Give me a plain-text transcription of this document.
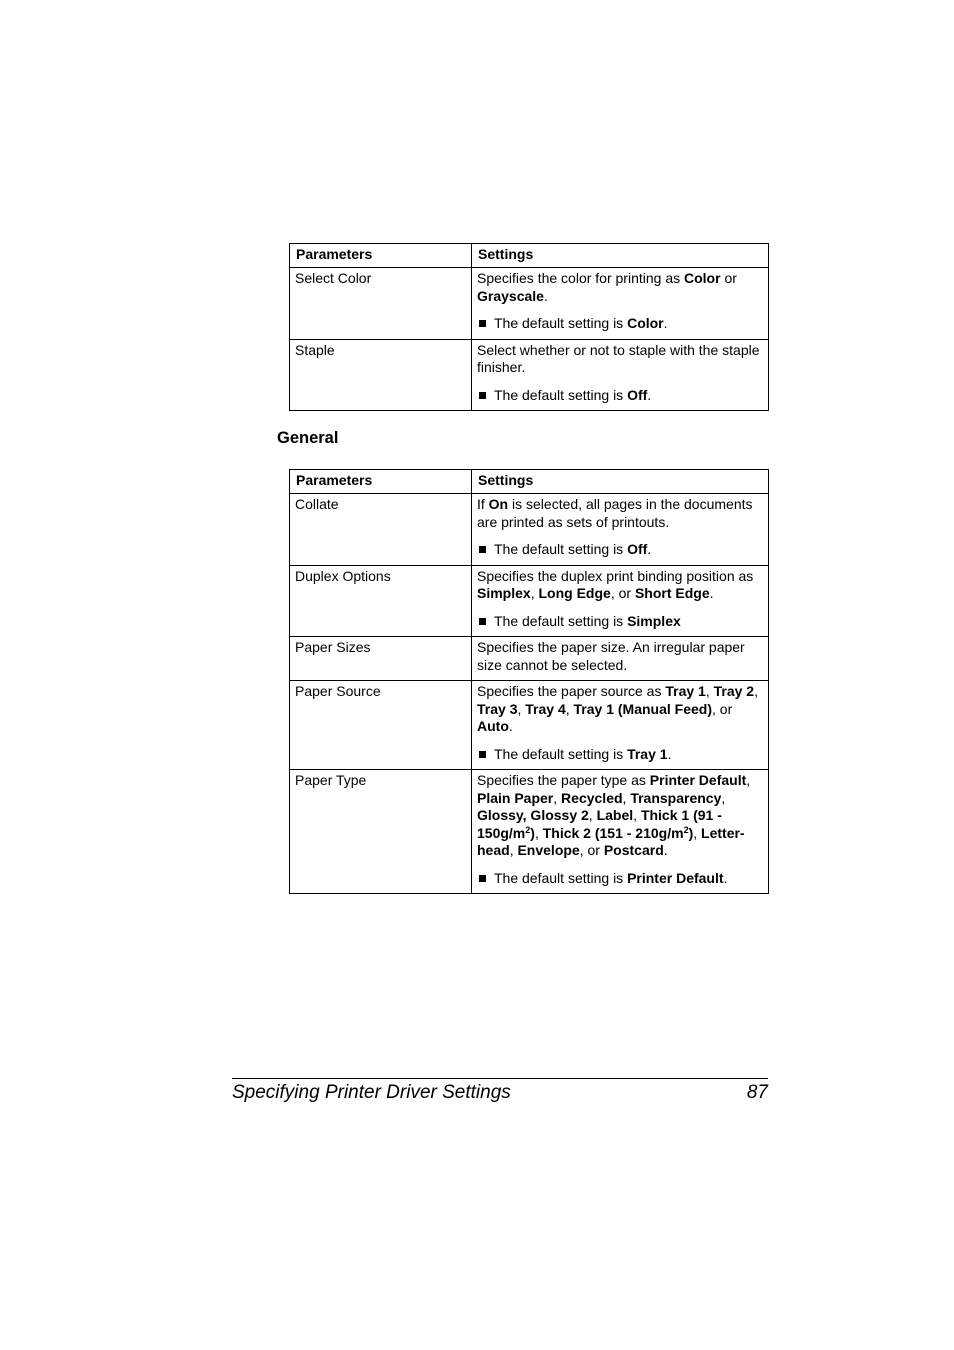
Parameters	Settings
Select Color	Specifies the color for printing as Color or Grayscale.

The default setting is Color.

Staple	Select whether or not to staple with the staple finisher.

The default setting is Off.

General
Parameters	Settings
Collate	If On is selected, all pages in the documents are printed as sets of printouts.

The default setting is Off.

Duplex Options	Specifies the duplex print binding position as Simplex, Long Edge, or Short Edge.

The default setting is Simplex

Paper Sizes	Specifies the paper size. An irregular paper size cannot be selected.

Paper Source	Specifies the paper source as Tray 1, Tray 2, Tray 3, Tray 4, Tray 1 (Manual Feed), or Auto.

The default setting is Tray 1.

Paper Type	Specifies the paper type as Printer Default, Plain Paper, Recycled, Transparency, Glossy, Glossy 2, Label, Thick 1 $(91 - 150g/m^2)$, Thick 2 $(151 - 210g/m^2)$, Letter-head, Envelope, or Postcard.

The default setting is Printer Default.

Specifying Printer Driver Settings	87
